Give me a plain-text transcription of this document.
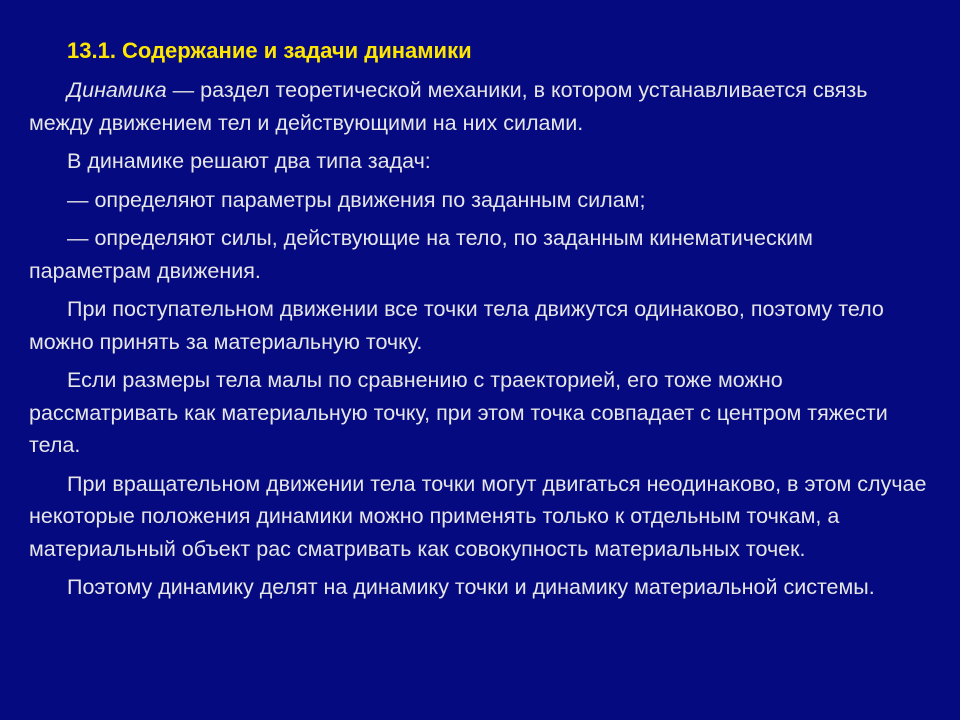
13.1. Содержание и задачи динамики
Динамика — раздел теоретической механики, в котором устанавливается связь между движением тел и действующими на них силами.
В динамике решают два типа задач:
— определяют параметры движения по заданным силам;
— определяют силы, действующие на тело, по заданным кинематическим параметрам движения.
При поступательном движении все точки тела движутся одинаково, поэтому тело можно принять за материальную точку.
Если размеры тела малы по сравнению с траекторией, его тоже можно рассматривать как материальную точку, при этом точка совпадает с центром тяжести тела.
При вращательном движении тела точки могут двигаться неодинаково, в этом случае некоторые положения динамики можно применять только к отдельным точкам, а материальный объект рас сматривать как совокупность материальных точек.
Поэтому динамику делят на динамику точки и динамику материальной системы.
